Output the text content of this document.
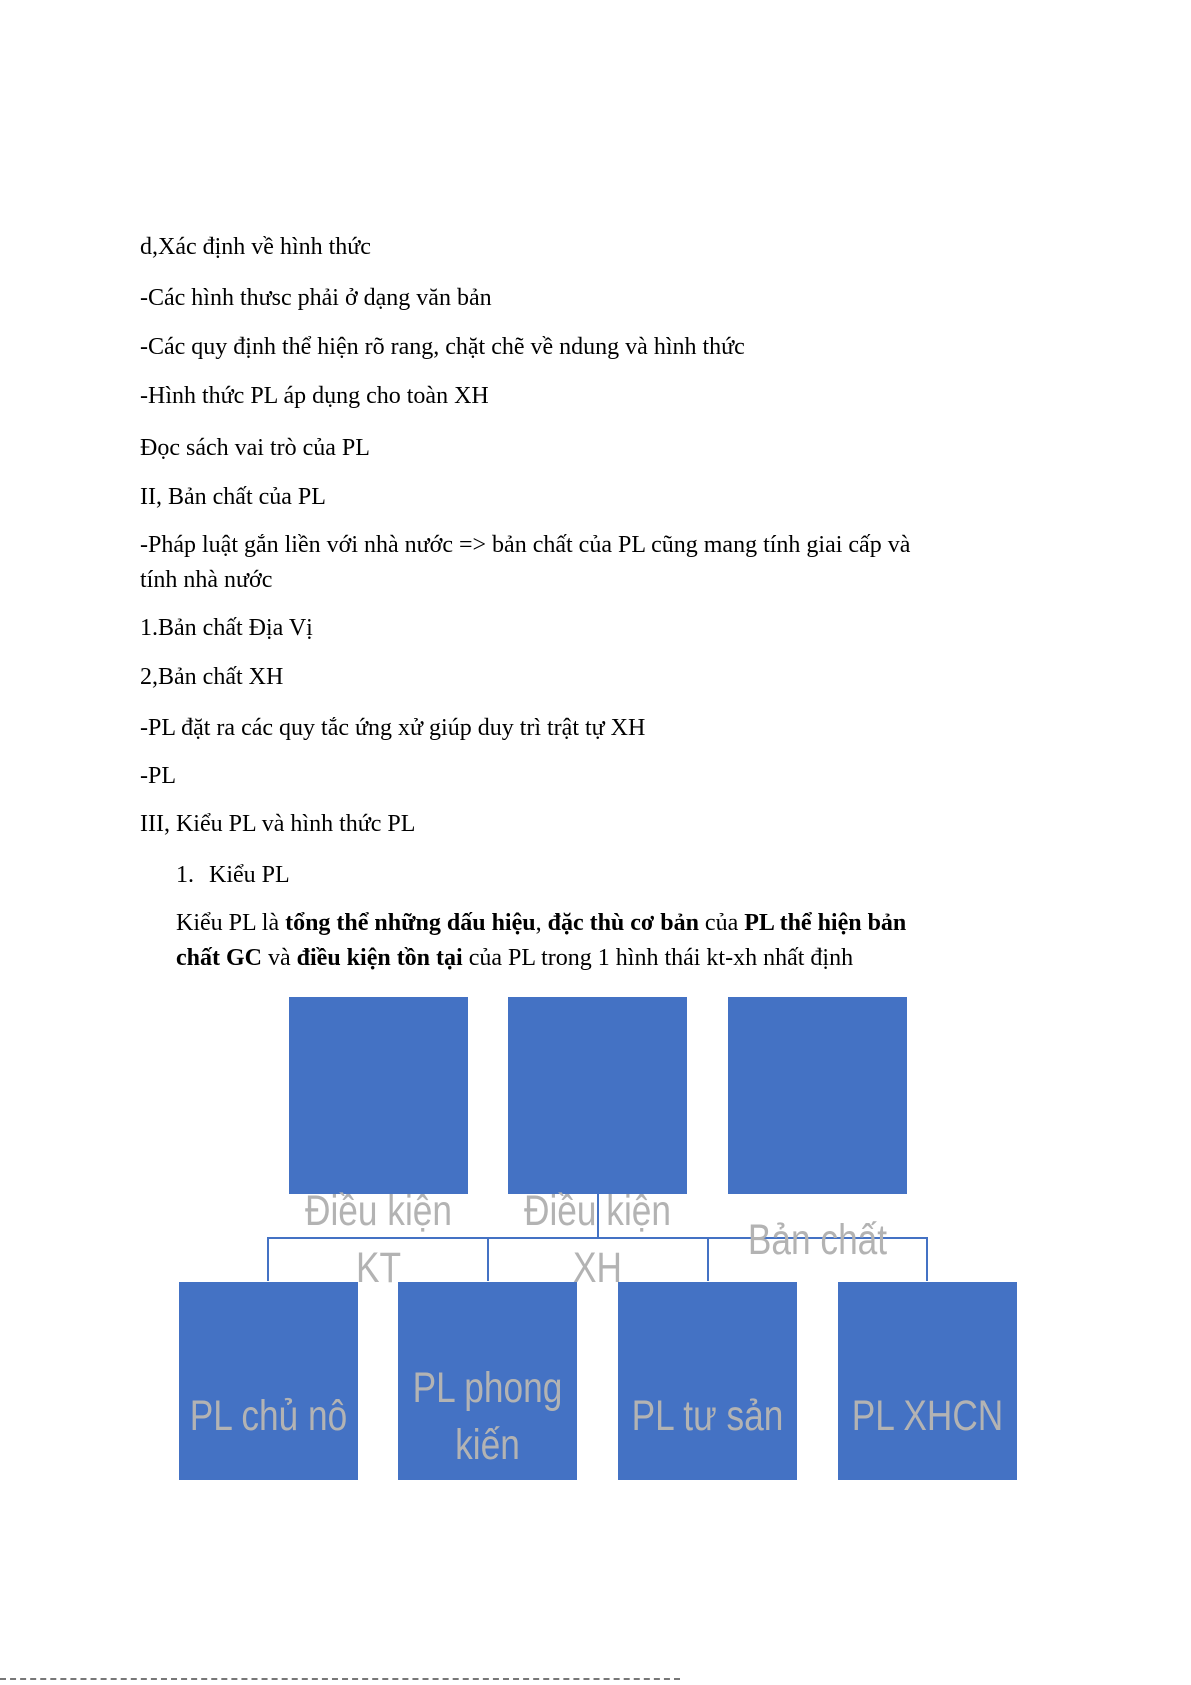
d,Xác định về hình thức
-Các hình thưsc phải ở dạng văn bản
-Các quy định thể hiện rõ rang, chặt chẽ về ndung và hình thức
-Hình thức PL áp dụng cho toàn XH
Đọc sách vai trò của PL
II, Bản chất của PL
-Pháp luật gắn liền với nhà nước => bản chất của PL cũng mang tính giai cấp và
tính nhà nước
1.Bản chất Địa Vị
2,Bản chất XH
-PL đặt ra các quy tắc ứng xử giúp duy trì trật tự XH
-PL
III, Kiểu PL và hình thức PL
1. Kiểu PL
Kiểu PL là tổng thể những dấu hiệu, đặc thù cơ bản của PL thể hiện bản
chất GC và điều kiện tồn tại của PL trong 1 hình thái kt-xh nhất định
Điều kiện
KT
Điều kiện
XH
Bản chất
PL chủ nô
PL phong
kiến
PL tư sản	PL XHCN
